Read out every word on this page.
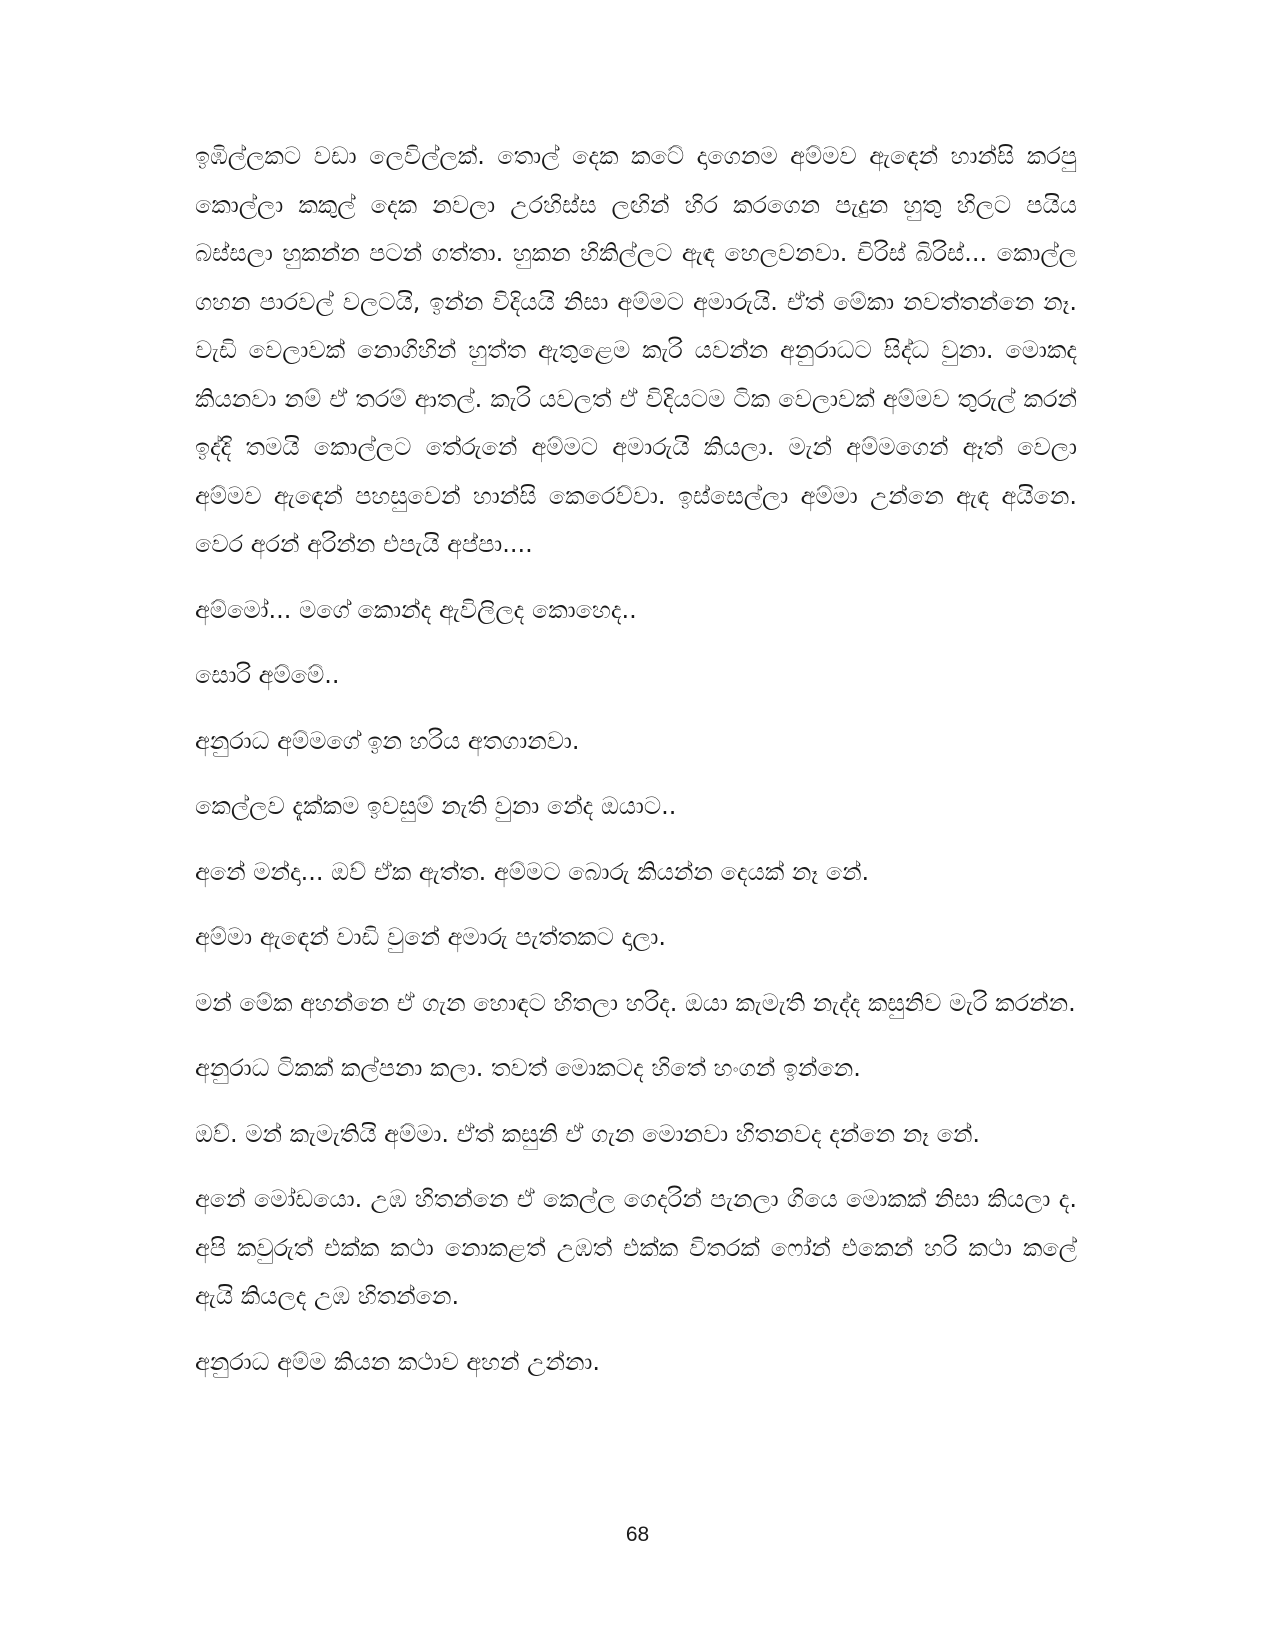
ඉඹිල්ලකට වඩා ලෙවිල්ලක්. තොල් දෙක කටේ දාගෙනම අම්මව ඇඳෙන් හාන්සි කරපු කොල්ලා කකුල් දෙක නවලා උරහිස්ස ලඟින් හිර කරගෙන පැදුන හුතු හිලට පයිය බස්සලා හුකන්න පටන් ගත්තා. හුකන හිකිල්ලට ඇඳ හෙලවනවා. චිරිස් බිරිස්... කොල්ල ගහන පාරවල් වලටයි, ඉන්න විදියයි නිසා අම්මට අමාරුයි. ඒත් මේකා නවත්තන්නෙ නෑ. වැඩි වෙලාවක් නොගිහින් හුත්ත ඇතුළෙම කැරි යවන්න අනුරාධට සිද්ධ වුනා. මොකද කියනවා නම් ඒ තරම් ආතල්. කැරි යවලත් ඒ විදියටම ටික වෙලාවක් අම්මව තුරුල් කරන් ඉද්දි තමයි කොල්ලට තේරුනේ අම්මට අමාරුයි කියලා. මැන් අම්මගෙන් ඈත් වෙලා අම්මව ඇඳෙන් පහසුවෙන් හාන්සි කෙරෙව්වා. ඉස්සෙල්ලා අම්මා උන්නෙ ඇඳ අයිනෙ. වෙර අරන් අරින්න එපැයි අප්පා....

අම්මෝ... මගේ කොන්ද ඇවිලිලද කොහෙද..

සොරි අම්මේ..

අනුරාධ අම්මගේ ඉන හරිය අතගානවා.

කෙල්ලව දැක්කම ඉවසුම් නැති වුනා නේද ඔයාට..

අනේ මන්දා... ඔව් ඒක ඇත්ත. අම්මට බොරු කියන්න දෙයක් නෑ නේ.

අම්මා ඇඳෙන් වාඩි වුනේ අමාරු පැත්තකට දාලා.

මන් මේක අහන්නෙ ඒ ගැන හොඳට හිතලා හරිද. ඔයා කැමැති නැද්ද කසුනිව මැරි කරන්න.

අනුරාධ ටිකක් කල්පනා කලා. තවත් මොකටද හිතේ හංගන් ඉන්නෙ.

ඔව්. මන් කැමැතියි අම්මා. ඒත් කසුනි ඒ ගැන මොනවා හිතනවද දන්නෙ නෑ නේ.

අනේ මෝඩයො. උඹ හිතන්නෙ ඒ කෙල්ල ගෙදරින් පැනලා ගියෙ මොකක් නිසා කියලා ද. අපි කවුරුත් එක්ක කථා නොකළත් උඹත් එක්ක විතරක් ෆෝන් එකෙන් හරි කථා කලේ ඇයි කියලද උඹ හිතන්නෙ.

අනුරාධ අම්ම කියන කථාව අහන් උන්නා.

68
